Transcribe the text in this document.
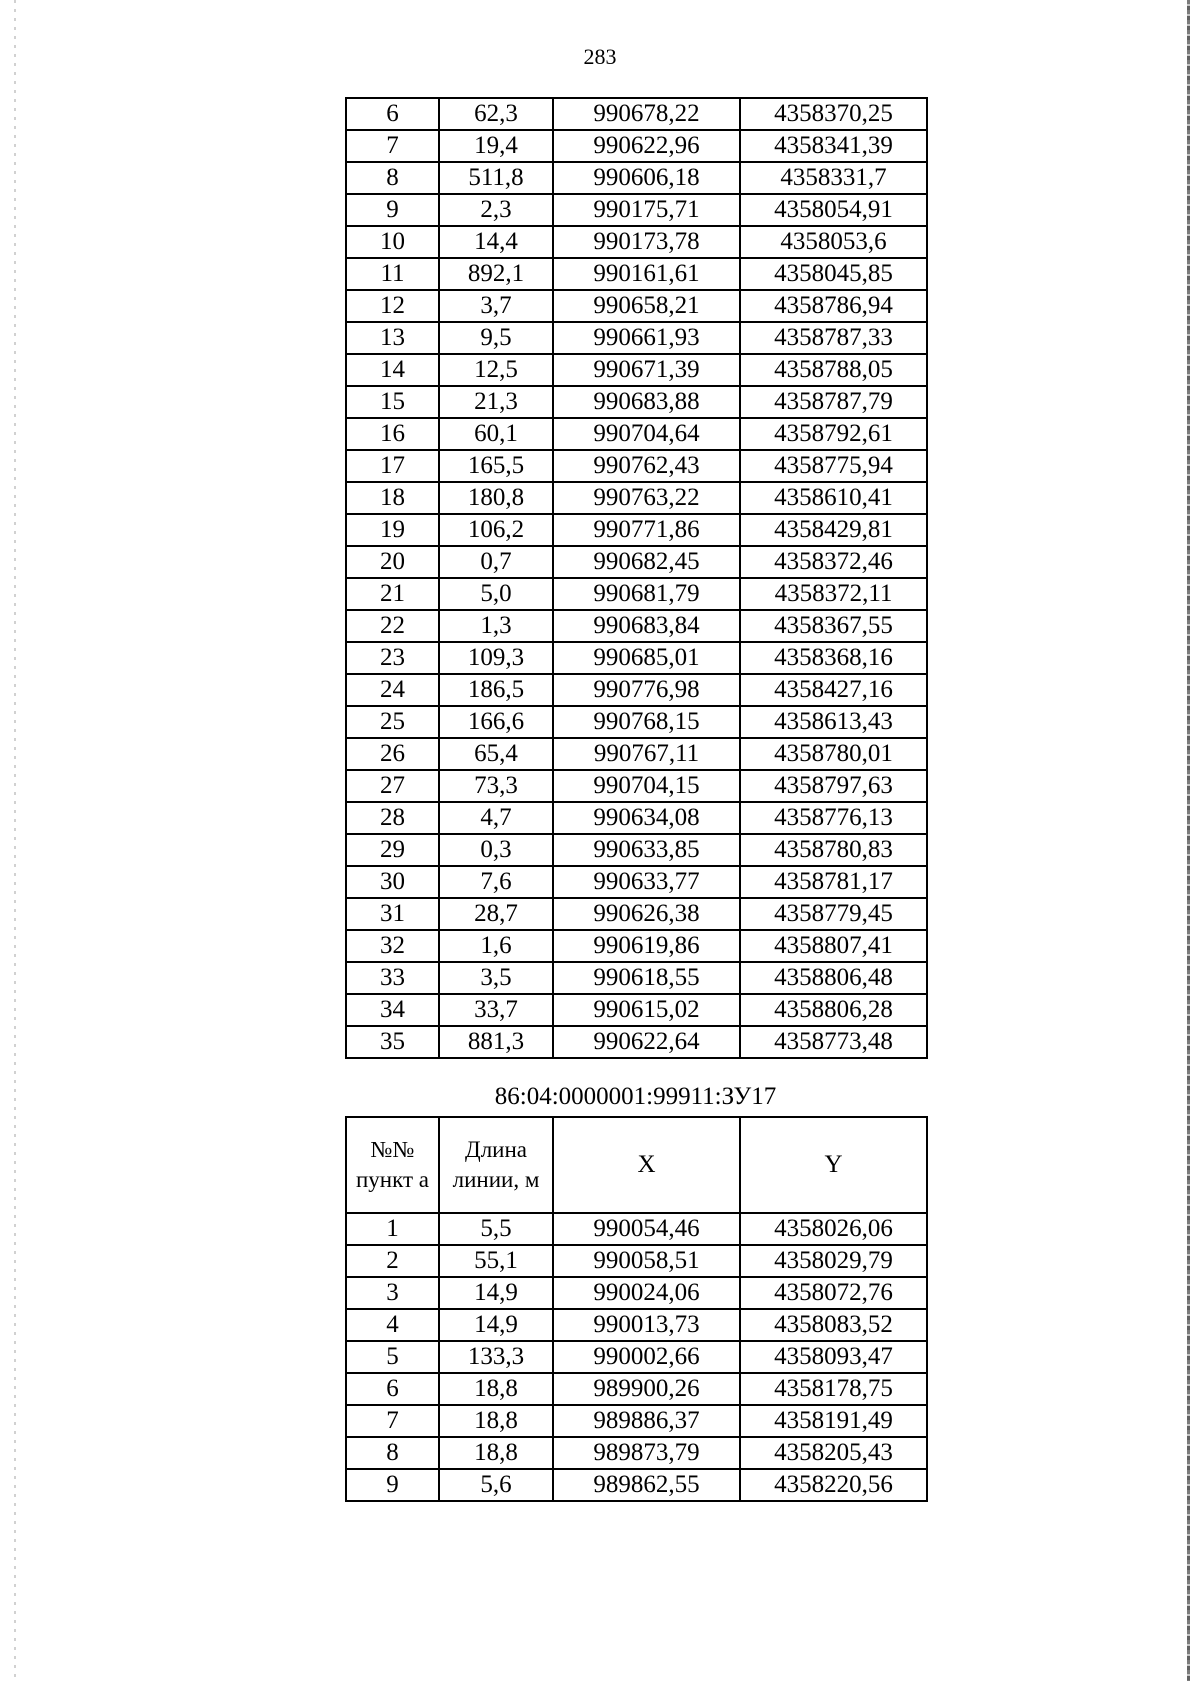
283
6	62,3	990678,22	4358370,25
7	19,4	990622,96	4358341,39
8	511,8	990606,18	4358331,7
9	2,3	990175,71	4358054,91
10	14,4	990173,78	4358053,6
11	892,1	990161,61	4358045,85
12	3,7	990658,21	4358786,94
13	9,5	990661,93	4358787,33
14	12,5	990671,39	4358788,05
15	21,3	990683,88	4358787,79
16	60,1	990704,64	4358792,61
17	165,5	990762,43	4358775,94
18	180,8	990763,22	4358610,41
19	106,2	990771,86	4358429,81
20	0,7	990682,45	4358372,46
21	5,0	990681,79	4358372,11
22	1,3	990683,84	4358367,55
23	109,3	990685,01	4358368,16
24	186,5	990776,98	4358427,16
25	166,6	990768,15	4358613,43
26	65,4	990767,11	4358780,01
27	73,3	990704,15	4358797,63
28	4,7	990634,08	4358776,13
29	0,3	990633,85	4358780,83
30	7,6	990633,77	4358781,17
31	28,7	990626,38	4358779,45
32	1,6	990619,86	4358807,41
33	3,5	990618,55	4358806,48
34	33,7	990615,02	4358806,28
35	881,3	990622,64	4358773,48
86:04:0000001:99911:ЗУ17
№№ пункт а	Длина линии, м	X	Y
1	5,5	990054,46	4358026,06
2	55,1	990058,51	4358029,79
3	14,9	990024,06	4358072,76
4	14,9	990013,73	4358083,52
5	133,3	990002,66	4358093,47
6	18,8	989900,26	4358178,75
7	18,8	989886,37	4358191,49
8	18,8	989873,79	4358205,43
9	5,6	989862,55	4358220,56
